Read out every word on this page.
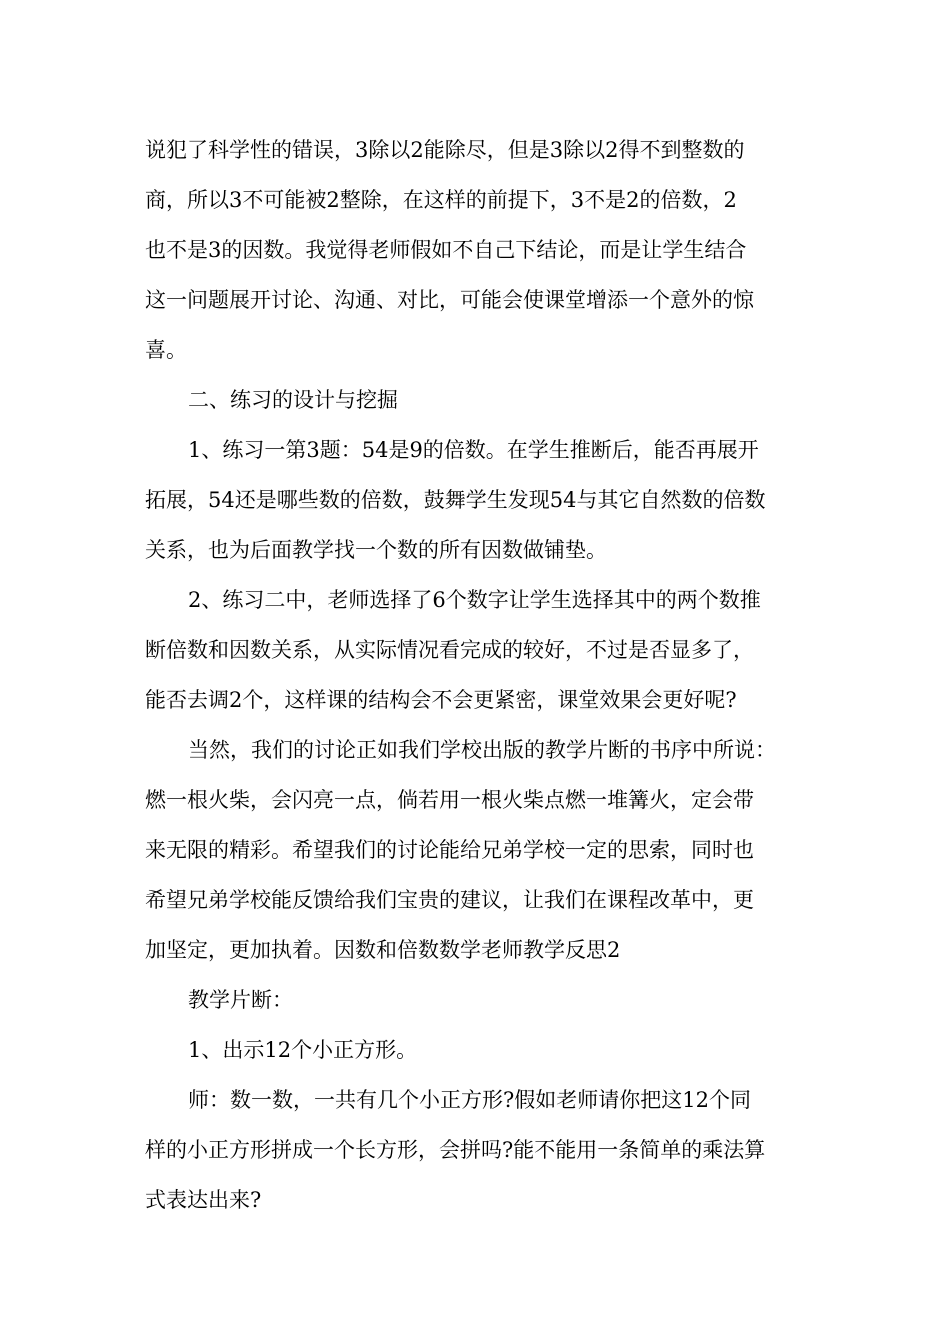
说犯了科学性的错误，3除以2能除尽，但是3除以2得不到整数的
商，所以3不可能被2整除，在这样的前提下，3不是2的倍数，2
也不是3的因数。我觉得老师假如不自己下结论，而是让学生结合
这一问题展开讨论、沟通、对比，可能会使课堂增添一个意外的惊
喜。
二、练习的设计与挖掘
1、练习一第3题：54是9的倍数。在学生推断后，能否再展开
拓展，54还是哪些数的倍数，鼓舞学生发现54与其它自然数的倍数
关系，也为后面教学找一个数的所有因数做铺垫。
2、练习二中，老师选择了6个数字让学生选择其中的两个数推
断倍数和因数关系，从实际情况看完成的较好，不过是否显多了，
能否去调2个，这样课的结构会不会更紧密，课堂效果会更好呢?
当然，我们的讨论正如我们学校出版的教学片断的书序中所说：
燃一根火柴，会闪亮一点，倘若用一根火柴点燃一堆篝火，定会带
来无限的精彩。希望我们的讨论能给兄弟学校一定的思索，同时也
希望兄弟学校能反馈给我们宝贵的建议，让我们在课程改革中，更
加坚定，更加执着。因数和倍数数学老师教学反思2
教学片断：
1、出示12个小正方形。
师：数一数，一共有几个小正方形?假如老师请你把这12个同
样的小正方形拼成一个长方形，会拼吗?能不能用一条简单的乘法算
式表达出来?
